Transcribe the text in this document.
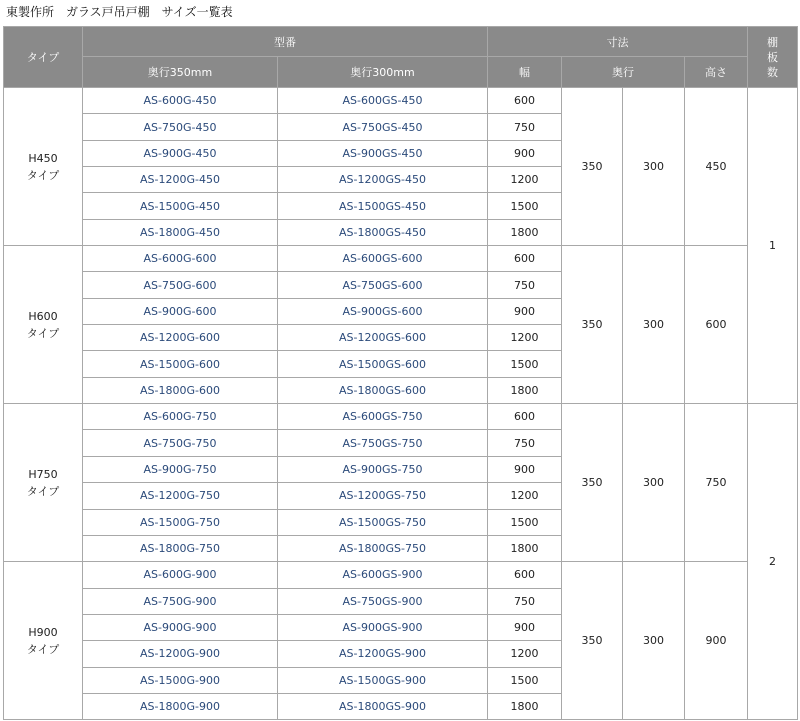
東製作所　ガラス戸吊戸棚　サイズ一覧表
タイプ	型番		寸法				棚
板
数
	奥行350mm	奥行300mm	幅	奥行		高さ	
H450
タイプ	AS-600G-450	AS-600GS-450	600	350	300	450	1
	AS-750G-450	AS-750GS-450	750				
	AS-900G-450	AS-900GS-450	900				
	AS-1200G-450	AS-1200GS-450	1200				
	AS-1500G-450	AS-1500GS-450	1500				
	AS-1800G-450	AS-1800GS-450	1800				
H600
タイプ	AS-600G-600	AS-600GS-600	600	350	300	600	
	AS-750G-600	AS-750GS-600	750				
	AS-900G-600	AS-900GS-600	900				
	AS-1200G-600	AS-1200GS-600	1200				
	AS-1500G-600	AS-1500GS-600	1500				
	AS-1800G-600	AS-1800GS-600	1800				
H750
タイプ	AS-600G-750	AS-600GS-750	600	350	300	750	2
	AS-750G-750	AS-750GS-750	750				
	AS-900G-750	AS-900GS-750	900				
	AS-1200G-750	AS-1200GS-750	1200				
	AS-1500G-750	AS-1500GS-750	1500				
	AS-1800G-750	AS-1800GS-750	1800				
H900
タイプ	AS-600G-900	AS-600GS-900	600	350	300	900	
	AS-750G-900	AS-750GS-900	750				
	AS-900G-900	AS-900GS-900	900				
	AS-1200G-900	AS-1200GS-900	1200				
	AS-1500G-900	AS-1500GS-900	1500				
	AS-1800G-900	AS-1800GS-900	1800				
